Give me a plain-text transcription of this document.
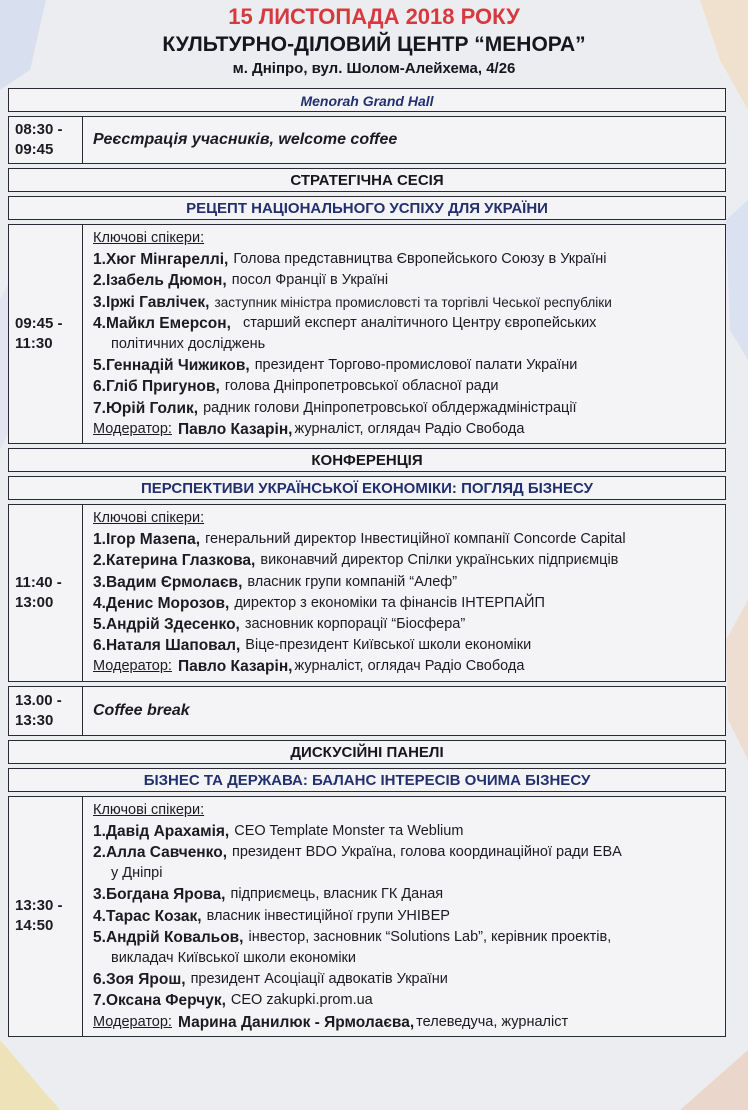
15 ЛИСТОПАДА 2018 РОКУ
КУЛЬТУРНО-ДІЛОВИЙ ЦЕНТР “МЕНОРА”
м. Дніпро, вул. Шолом-Алейхема, 4/26
Menorah Grand Hall
08:30 -
09:45
Реєстрація учасників, welcome coffee
СТРАТЕГІЧНА СЕСІЯ
РЕЦЕПТ НАЦІОНАЛЬНОГО УСПІХУ ДЛЯ УКРАЇНИ
09:45 -
11:30
Ключові спікери:
1. Хюг Мінгареллі, Голова представництва Європейського Союзу в Україні
2. Ізабель Дюмон, посол Франції в Україні
3. Іржі Гавлічек, заступник міністра промисловсті та торгівлі Чеської республіки
4. Майкл Емерсон, старший експерт аналітичного Центру європейських
політичних досліджень
5. Геннадій Чижиков, президент Торгово-промислової палати України
6. Гліб Пригунов, голова Дніпропетровської обласної ради
7. Юрій Голик, радник голови Дніпропетровської облдержадміністрації
Модератор: Павло Казарін, журналіст, оглядач Радіо Свобода
КОНФЕРЕНЦІЯ
ПЕРСПЕКТИВИ УКРАЇНСЬКОЇ ЕКОНОМІКИ: ПОГЛЯД БІЗНЕСУ
11:40 -
13:00
Ключові спікери:
1. Ігор Мазепа, генеральний директор Інвестиційної компанії Concorde Capital
2. Катерина Глазкова, виконавчий директор Спілки українських підприємців
3. Вадим Єрмолаєв, власник групи компаній “Алеф”
4. Денис Морозов, директор з економіки та фінансів ІНТЕРПАЙП
5. Андрій Здесенко, засновник корпорації “Біосфера”
6. Наталя Шаповал, Віце-президент Київської школи економіки
Модератор: Павло Казарін, журналіст, оглядач Радіо Свобода
13.00 -
13:30
Coffee break
ДИСКУСІЙНІ ПАНЕЛІ
БІЗНЕС ТА ДЕРЖАВА: БАЛАНС ІНТЕРЕСІВ ОЧИМА БІЗНЕСУ
13:30 -
14:50
Ключові спікери:
1. Давід Арахамія, CEO Template Monster та Weblium
2. Алла Савченко, президент BDO Україна, голова координаційної ради EBA
у Дніпрі
3. Богдана Ярова, підприємець, власник ГК Даная
4. Тарас Козак, власник інвестиційної групи УНІВЕР
5. Андрій Ковальов, інвестор, засновник “Solutions Lab”, керівник проектів,
викладач Київської школи економіки
6. Зоя Ярош, президент Асоціації адвокатів України
7. Оксана Ферчук, CEO zakupki.prom.ua
Модератор: Марина Данилюк - Ярмолаєва, телеведуча, журналіст
